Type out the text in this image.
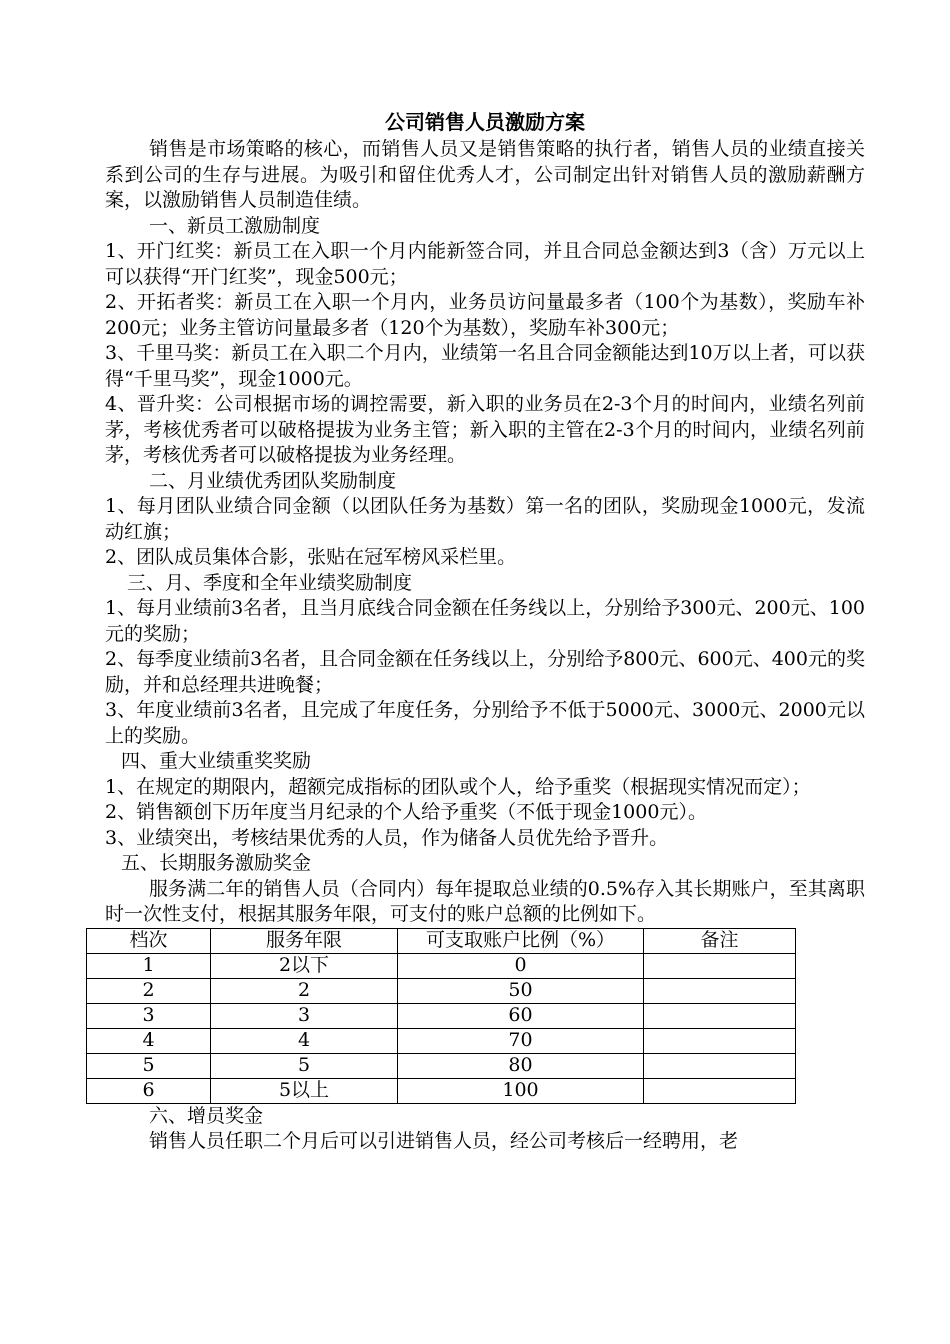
公司销售人员激励方案

销售是市场策略的核心，而销售人员又是销售策略的执行者，销售人员的业绩直接关系到公司的生存与进展。为吸引和留住优秀人才，公司制定出针对销售人员的激励薪酬方案，以激励销售人员制造佳绩。

一、新员工激励制度

1、开门红奖：新员工在入职一个月内能新签合同，并且合同总金额达到3（含）万元以上可以获得“开门红奖”，现金500元；

2、开拓者奖：新员工在入职一个月内，业务员访问量最多者（100个为基数），奖励车补200元；业务主管访问量最多者（120个为基数），奖励车补300元；

3、千里马奖：新员工在入职二个月内，业绩第一名且合同金额能达到10万以上者，可以获得“千里马奖”，现金1000元。

4、晋升奖：公司根据市场的调控需要，新入职的业务员在2-3个月的时间内，业绩名列前茅，考核优秀者可以破格提拔为业务主管；新入职的主管在2-3个月的时间内，业绩名列前茅，考核优秀者可以破格提拔为业务经理。

二、月业绩优秀团队奖励制度

1、每月团队业绩合同金额（以团队任务为基数）第一名的团队，奖励现金1000元，发流动红旗；

2、团队成员集体合影，张贴在冠军榜风采栏里。

三、月、季度和全年业绩奖励制度

1、每月业绩前3名者，且当月底线合同金额在任务线以上，分别给予300元、200元、100元的奖励；

2、每季度业绩前3名者，且合同金额在任务线以上，分别给予800元、600元、400元的奖励，并和总经理共进晚餐；

3、年度业绩前3名者，且完成了年度任务，分别给予不低于5000元、3000元、2000元以上的奖励。

四、重大业绩重奖奖励

1、在规定的期限内，超额完成指标的团队或个人，给予重奖（根据现实情况而定）；

2、销售额创下历年度当月纪录的个人给予重奖（不低于现金1000元）。

3、业绩突出，考核结果优秀的人员，作为储备人员优先给予晋升。

五、长期服务激励奖金

服务满二年的销售人员（合同内）每年提取总业绩的0.5%存入其长期账户，至其离职时一次性支付，根据其服务年限，可支付的账户总额的比例如下。

档次	服务年限	可支取账户比例（%）	备注
1	2以下	0	
2	2	50	
3	3	60	
4	4	70	
5	5	80	
6	5以上	100	

六、增员奖金

销售人员任职二个月后可以引进销售人员，经公司考核后一经聘用，老
